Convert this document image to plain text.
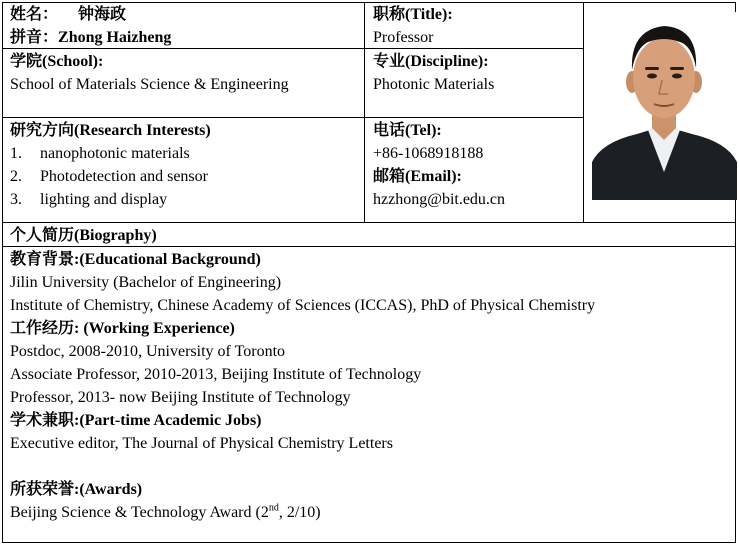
姓名： 钟海政
拼音：Zhong Haizheng
职称(Title):
Professor
学院(School):
School of Materials Science & Engineering
专业(Discipline):
Photonic Materials
研究方向(Research Interests)
1. nanophotonic materials
2. Photodetection and sensor
3. lighting and display
电话(Tel):
+86-1068918188
邮箱(Email):
hzzhong@bit.edu.cn
个人简历(Biography)
教育背景:(Educational Background)
Jilin University (Bachelor of Engineering)
Institute of Chemistry, Chinese Academy of Sciences (ICCAS), PhD of Physical Chemistry
工作经历: (Working Experience)
Postdoc, 2008-2010, University of Toronto
Associate Professor, 2010-2013, Beijing Institute of Technology
Professor, 2013- now Beijing Institute of Technology
学术兼职:(Part-time Academic Jobs)
Executive editor, The Journal of Physical Chemistry Letters
所获荣誉:(Awards)
Beijing Science & Technology Award (2nd, 2/10)
